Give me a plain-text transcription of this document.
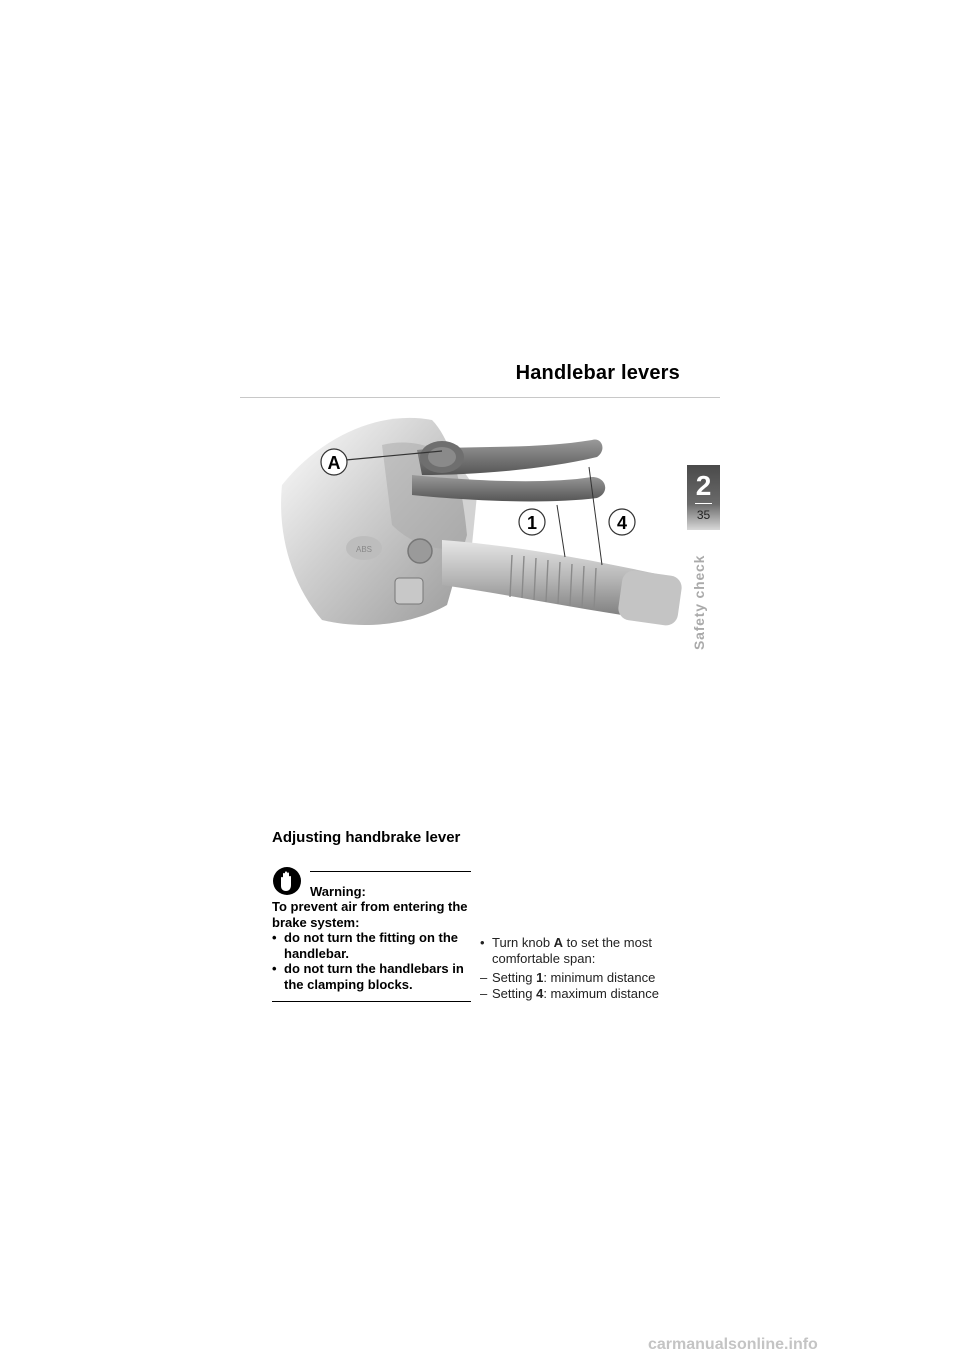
Handlebar levers
ABS
A
1	4
2
35
Safety check
Adjusting handbrake lever
Warning:

To prevent air from entering the brake system:

• do not turn the fitting on the handlebar.

• do not turn the handlebars in the clamping blocks.

• Turn knob A to set the most comfortable span:
– Setting 1: minimum distance
– Setting 4: maximum distance
carmanualsonline.info
